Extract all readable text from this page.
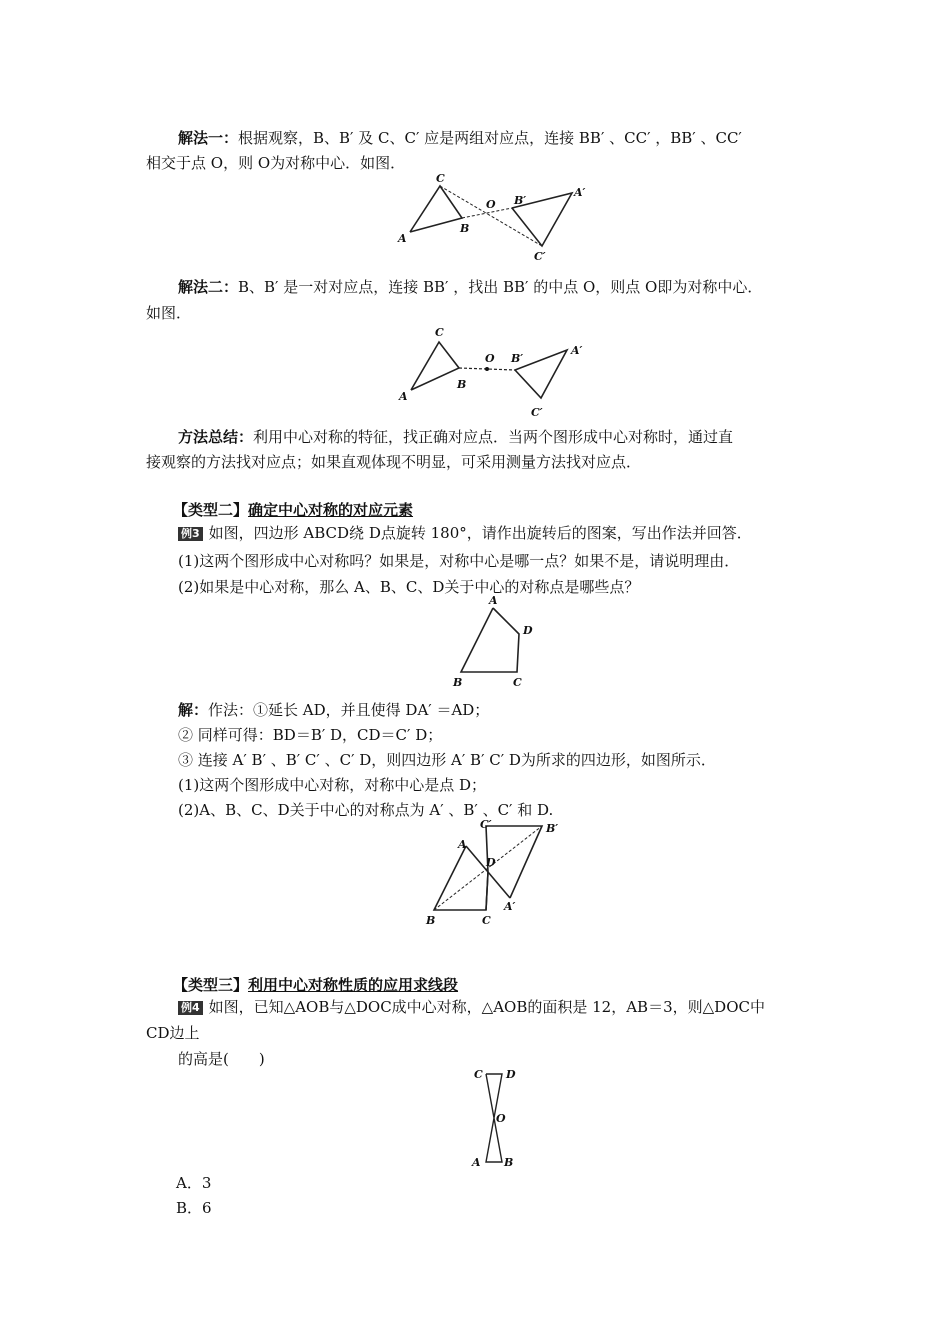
解法一：根据观察，B、B′ 及 C、C′ 应是两组对应点，连接 BB′ 、CC′ ，BB′ 、CC′
相交于点 O，则 O为对称中心．如图．
C
A
B
O B′
A′
C′
解法二：B、B′ 是一对对应点，连接 BB′ ，找出 BB′ 的中点 O，则点 O即为对称中心．
如图．
C
A
B
O B′
A′
C′
方法总结：利用中心对称的特征，找正确对应点．当两个图形成中心对称时，通过直
接观察的方法找对应点；如果直观体现不明显，可采用测量方法找对应点．
【类型二】确定中心对称的对应元素
例3 如图，四边形 ABCD绕 D点旋转 180°，请作出旋转后的图案，写出作法并回答．
(1)这两个图形成中心对称吗？如果是，对称中心是哪一点？如果不是，请说明理由．
(2)如果是中心对称，那么 A、B、C、D关于中心的对称点是哪些点？
A
D
B	C
解：作法：①延长 AD，并且使得 DA′ ＝AD；
② 同样可得：BD＝B′ D，CD＝C′ D；
③ 连接 A′ B′ 、B′ C′ 、C′ D，则四边形 A′ B′ C′ D为所求的四边形，如图所示．
(1)这两个图形成中心对称，对称中心是点 D；
(2)A、B、C、D关于中心的对称点为 A′ 、B′ 、C′ 和 D.
A
D
C′	B′
A′
B	C
【类型三】利用中心对称性质的应用求线段
例4 如图，已知△AOB与△DOC成中心对称，△AOB的面积是 12，AB＝3，则△DOC中
CD边上
的高是(　　)
C D
O
A B
A．3
B．6
